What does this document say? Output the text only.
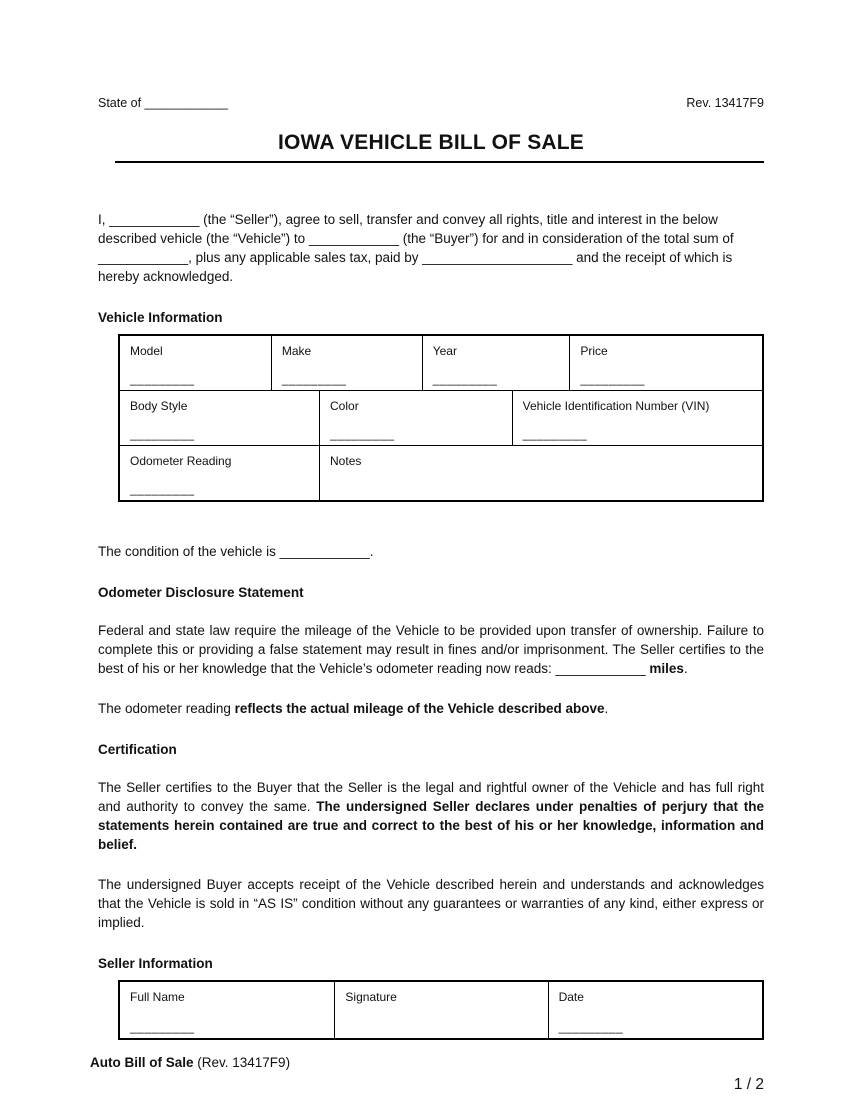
State of ____________	Rev. 13417F9
IOWA VEHICLE BILL OF SALE
I, ____________ (the “Seller”), agree to sell, transfer and convey all rights, title and interest in the below described vehicle (the “Vehicle”) to ____________ (the “Buyer”) for and in consideration of the total sum of ____________, plus any applicable sales tax, paid by ____________________ and the receipt of which is hereby acknowledged.
Vehicle Information
Model
_________
Make
_________
Year
_________
Price
_________
Body Style
_________
Color
_________
Vehicle Identification Number (VIN)
_________
Odometer Reading
_________
Notes
The condition of the vehicle is ____________.
Odometer Disclosure Statement
Federal and state law require the mileage of the Vehicle to be provided upon transfer of ownership. Failure to complete this or providing a false statement may result in fines and/or imprisonment. The Seller certifies to the best of his or her knowledge that the Vehicle’s odometer reading now reads: ____________ miles.
The odometer reading reflects the actual mileage of the Vehicle described above.
Certification
The Seller certifies to the Buyer that the Seller is the legal and rightful owner of the Vehicle and has full right and authority to convey the same. The undersigned Seller declares under penalties of perjury that the statements herein contained are true and correct to the best of his or her knowledge, information and belief.
The undersigned Buyer accepts receipt of the Vehicle described herein and understands and acknowledges that the Vehicle is sold in “AS IS” condition without any guarantees or warranties of any kind, either express or implied.
Seller Information
Full Name
_________
Signature	Date
_________
Auto Bill of Sale (Rev. 13417F9)
1 / 2
